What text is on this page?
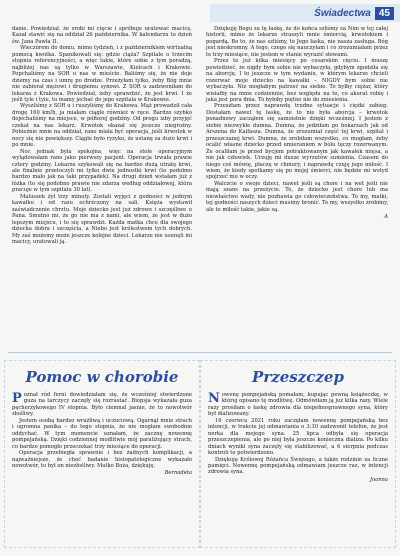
Świadectwa 45

danie. Powiedział, że zrobi mi cięcie i spróbuje uratować macicę. Kazał stawić się na oddział 26 października. W kalendarzu to dzień św. Jana Pawła II.

Wieczórem do domu, mimo tydzień, i z październikiem wirtualną pomocą kwotka. Spanikowali się: gdzie ciąża? Szpitale o trzecim stopniu referencyjności, a więc takie, które sobie z tym poradzą, najbliżej nas są tylko w Warszawie, Kielcach i Krakowie. Popchaliśmy na SOR u nas w mieście. Baliśmy się, że nie doje dziemy na czas i umrę po drodze. Przeżyłam tylko, żeby Bóg mnie nie zabierał mężowi i drugiemu synowi. Z SOR u zadzwoniłam do lekarza z Krakowa. Powiedział, żeby sprawdzić, że jest krwi. I że jeśli tyle i tyle, to mamy jechać do jego szpitala w Krakowie.

Wyszliśmy z SOR u i ruszyliśmy do Krakowa. Mąż prowadził cała drogę 160 km/h, ja miałam ciągle również w ręce. Bardzo szybko dojechaliśmy na miejsce, w półtorej godziny. Od progu izby przyjęć czekał na nas lekarz. Krwotok okazał się jeszcze niegroźny. Pobieżnie mnie na oddział, rano miała być operacja, jeśli krwotok w nocy się nie powiększy. Ciągle było ryzyko, że ustanę za dużo krwi i po mnie.

Noc jednak była spokojna, więc na stole operacyjnym wylądowałam rano jako pierwszy pacjent. Operacja trwała prawie cztery godziny. Lekarze szykowali się na bardzo dużą utratę krwi, ale finalnie przetoczyli mi tylko dwie jednostki krwi (to podobno bardzo mało jak na taki przypadek). Na drugi dzień wstałam już z łóżka (to się podobno prawie nie zdarza według oddziałowej, która pracuje w tym szpitalu 30 lat).

Maluszek żył trzy minuty. Zostali wyjęci z godności w jednym kawałku i od razu ochrzczony na sali. Księża wystawił zaświadczenie chrztu. Moje dziecko jest już zdrowe i szczęśliwe u Pana. Smutno mi, że go nie ma z nami, ale wiem, że jest w dużo lepszym miejscu, i to się sprawdzi. Każda matka chce dla swojego dziecka dobra i szczęścia, a Niebo jest królestwem tych dobrych. My zaś możemy może jeszcze kolejne dzieci. Lekarze nie usunęli mi macicy, uratowali ją.

Dziękuję Bogu za tę łaskę, że do końca szliśmy za Nim w tej całej historii, mimo że lekarze straszyli mnie śmiercią, krwotokiem i pogardą. Bo to, że nas szliśmy, to Jego łaska, nie nasza zasługa. Bóg jest nieskromny. A tego, czego się nauczyłam i co zrozumiałam przez te trzy miesiące, nie jestem w stanie wyrazić słowami.

Przez to już kilka miesięcy po cesarskim cięciu. I muszę powiedzieć, że nigdy bym sobie nie wybaczyła, gdybym zgodziła się na aborcję. I to jeszcze w tym wydaniu, w którym lekarze chcieli rozerwać moje dziecko na kawałki – NIGDY bym sobie nie wybaczyła. Nie mogłabym patrzeć na siebie. To byłby ciężar, który wisiałby na mnie codziennie, bez względu na to, co akurat robię i jaka jest pora dnia. To byłoby piętno nie do zniesienia.

Przeszłam przez naprawdę trudne sytuacje i ciężki zabieg. Dostałam nawet tę łaskę, że to nie była aborcja – krwotok ponadnowy zacząłem się samoistnie dzięki wcześniej. I jestem z siebie niezwykle dumna. Dumna, że jedziłam po bokarzach jak od Arszena do Kaifasza. Dumna, że zrozumiał część tej krwi, szpital i przeszczanej krwi. Dumna, że zrobiłam wszystko, co mogłam, żeby ocalić własne dziecko przed umieraniem w bólu tęczy rozerwanym. Że ocaliłam je przed bycjem potraktowanym jak kawałek mięsa, a nie jak człowiek. Urzuję mi dusze wyrzutów sumienia. Czasem do niego coś mówię, płaczę w chmury, i naprawdę czuję jego miłość. I wiem, że kiedy spotkamy się po mojej śmierci, nie będzie mi wstyd spojrzeć mu w oczy.

Walczcie o swoje dzieci, nawet jeśli są chore i na wet jeśli nie mają szans na przeżycie. To, że dziecko jest chore lub ma niewłaściwe wady, nie pozbawia go człowieczeństwa. To my, matki, tej godności naszych dzieci musimy bronić. To my, wszystko zrobimy, ale to miłość takie, jakie są.

A
Pomoc w chorobie

Poznał ród ferni dowiedziałam się, że wcześniej stwierdzone guza na tarczycy zaczęły się rozrastać. Biopsja wykazała guza pęcherzykowego IV stopnia. Było ciemnal jasnie, że to nowotwór złośliwy.

Jestem osobą bardzo wrażliwą i uczuciową. Ogarnął mnie strach i ogromna panika – do tego stopnia, że nie mogłam swobodnie oddychać. W tym momencie uznałam, że zacznę nowennę pompejańską. Dzięki codziennej modlitwie mój paraliżujący strach, co bardzo pomogło przeczekać trzy miesiące do operacji.

Operacja przebiegła sprawnie i bez żadnych komplikacji, a najważniejsze, że choć badanie histopatologiczne wykazało nowotwór, to był on niezłośliwy. Matko Boża, dziękuję.

Bernadeta
Przeszczep

Nowenę pompejańską pomałam, kupując pewną książeczkę, w której opisano tę modlitwę. Odmówiłam ją już kilka razy. Wiele razy prosiłam o łaskę zdrowia dla niepełnosprawnego syna, który był dializowany.

16 czerwca 2021 roku zaczęłam nowennę pompejańską bez intencji, w trakcie jej odmawiania o 3:30 zadzwonił telefon, że jest nerka dla mojego syna. 25 lipca odbyła się operacja przeszczepienia, ale po niej była jeszcze konieczna dializa. Po kilku dniach wyniki syna zaczęły się stabilizować, a 6 sierpnia podczas kontroli to potwierdzono.

Dziękuję Królowej Różańca Świętego, a także rodzinie za liczne pamięci. Nowennę pompejańską odmawiam jeszcze raz, w intencji zdrowia syna.

Joanna
